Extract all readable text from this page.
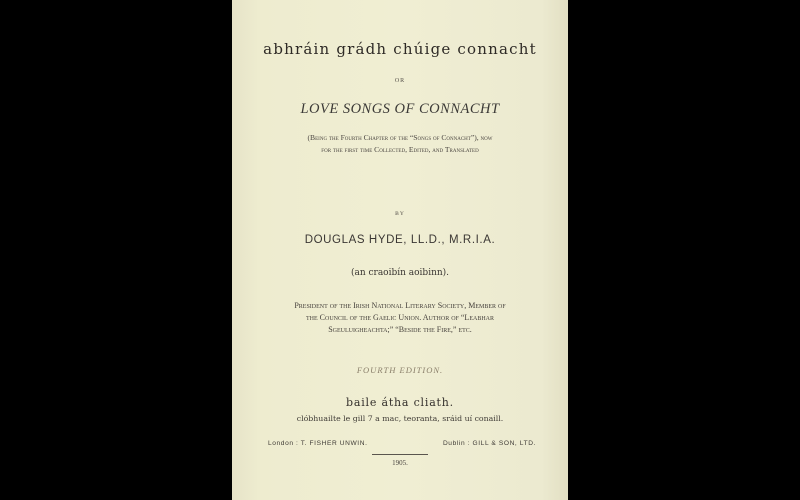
abhráin grádh chúige connacht
OR
LOVE SONGS OF CONNACHT
(Being the Fourth Chapter of the “Songs of Connacht”), now
for the first time Collected, Edited, and Translated
BY
DOUGLAS HYDE, LL.D., M.R.I.A.
(an craoibín aoibinn).
President of the Irish National Literary Society, Member of
the Council of the Gaelic Union. Author of “Leabhar
Sgeuluigheachta;” “Beside the Fire,” etc.
FOURTH EDITION.
baile átha cliath.
clóbhuailte le gill 7 a mac, teoranta, sráid uí conaill.
London : T. FISHER UNWIN.	Dublin : GILL & SON, LTD.
1905.
